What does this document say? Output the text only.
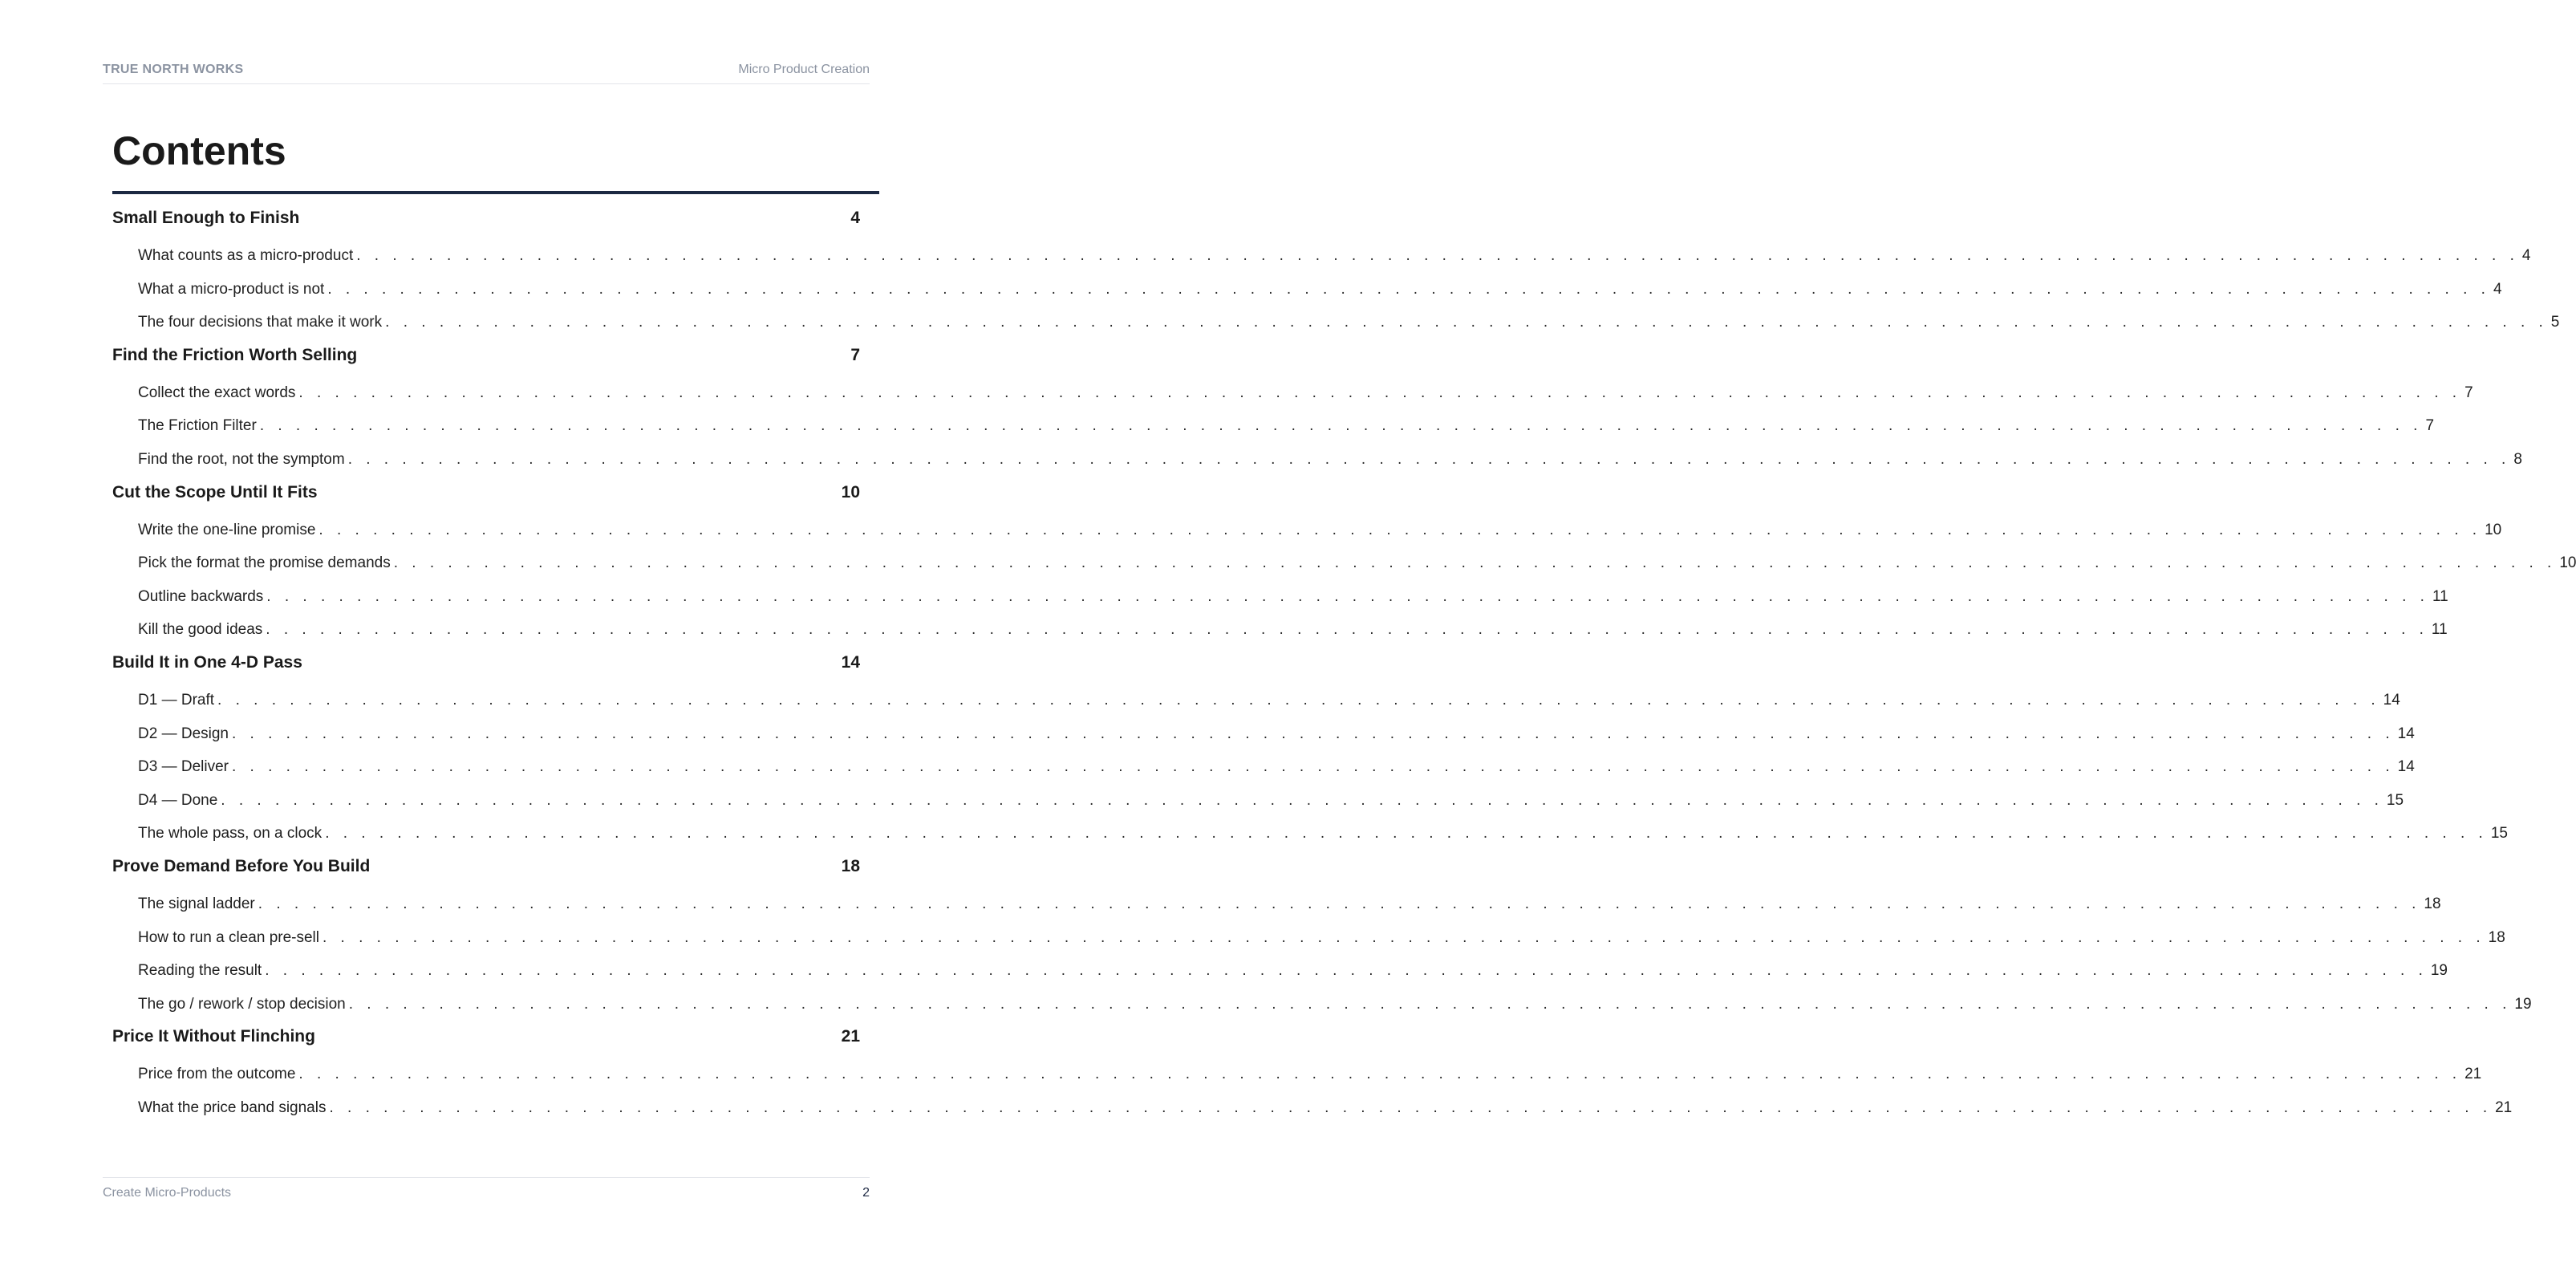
TRUE NORTH WORKS	Micro Product Creation
Contents
Small Enough to Finish	4
What counts as a micro-product . . . . . . . . . . . . . . . . . . . . . . . . . . . . . . . . . . . . . . . . . . . . . . . . . . . . . . . . . . . . . . . . . . . . . . . . . . . . . . . . . . . . . . . . . . . . . . . . . . . . . . . . . . . . . . . . . . . . . . . . 4
What a micro-product is not . . . . . . . . . . . . . . . . . . . . . . . . . . . . . . . . . . . . . . . . . . . . . . . . . . . . . . . . . . . . . . . . . . . . . . . . . . . . . . . . . . . . . . . . . . . . . . . . . . . . . . . . . . . . . . . . . . . . . . . . 4
The four decisions that make it work . . . . . . . . . . . . . . . . . . . . . . . . . . . . . . . . . . . . . . . . . . . . . . . . . . . . . . . . . . . . . . . . . . . . . . . . . . . . . . . . . . . . . . . . . . . . . . . . . . . . . . . . . . . . . . . . . . . . . . . . 5
Find the Friction Worth Selling	7
Collect the exact words . . . . . . . . . . . . . . . . . . . . . . . . . . . . . . . . . . . . . . . . . . . . . . . . . . . . . . . . . . . . . . . . . . . . . . . . . . . . . . . . . . . . . . . . . . . . . . . . . . . . . . . . . . . . . . . . . . . . . . . . 7
The Friction Filter . . . . . . . . . . . . . . . . . . . . . . . . . . . . . . . . . . . . . . . . . . . . . . . . . . . . . . . . . . . . . . . . . . . . . . . . . . . . . . . . . . . . . . . . . . . . . . . . . . . . . . . . . . . . . . . . . . . . . . . . 7
Find the root, not the symptom . . . . . . . . . . . . . . . . . . . . . . . . . . . . . . . . . . . . . . . . . . . . . . . . . . . . . . . . . . . . . . . . . . . . . . . . . . . . . . . . . . . . . . . . . . . . . . . . . . . . . . . . . . . . . . . . . . . . . . . . 8
Cut the Scope Until It Fits	10
Write the one-line promise . . . . . . . . . . . . . . . . . . . . . . . . . . . . . . . . . . . . . . . . . . . . . . . . . . . . . . . . . . . . . . . . . . . . . . . . . . . . . . . . . . . . . . . . . . . . . . . . . . . . . . . . . . . . . . . . . . . . . . . . 10
Pick the format the promise demands . . . . . . . . . . . . . . . . . . . . . . . . . . . . . . . . . . . . . . . . . . . . . . . . . . . . . . . . . . . . . . . . . . . . . . . . . . . . . . . . . . . . . . . . . . . . . . . . . . . . . . . . . . . . . . . . . . . . . . . . 10
Outline backwards . . . . . . . . . . . . . . . . . . . . . . . . . . . . . . . . . . . . . . . . . . . . . . . . . . . . . . . . . . . . . . . . . . . . . . . . . . . . . . . . . . . . . . . . . . . . . . . . . . . . . . . . . . . . . . . . . . . . . . . . 11
Kill the good ideas . . . . . . . . . . . . . . . . . . . . . . . . . . . . . . . . . . . . . . . . . . . . . . . . . . . . . . . . . . . . . . . . . . . . . . . . . . . . . . . . . . . . . . . . . . . . . . . . . . . . . . . . . . . . . . . . . . . . . . . . 11
Build It in One 4-D Pass	14
D1 — Draft . . . . . . . . . . . . . . . . . . . . . . . . . . . . . . . . . . . . . . . . . . . . . . . . . . . . . . . . . . . . . . . . . . . . . . . . . . . . . . . . . . . . . . . . . . . . . . . . . . . . . . . . . . . . . . . . . . . . . . . . 14
D2 — Design . . . . . . . . . . . . . . . . . . . . . . . . . . . . . . . . . . . . . . . . . . . . . . . . . . . . . . . . . . . . . . . . . . . . . . . . . . . . . . . . . . . . . . . . . . . . . . . . . . . . . . . . . . . . . . . . . . . . . . . . 14
D3 — Deliver . . . . . . . . . . . . . . . . . . . . . . . . . . . . . . . . . . . . . . . . . . . . . . . . . . . . . . . . . . . . . . . . . . . . . . . . . . . . . . . . . . . . . . . . . . . . . . . . . . . . . . . . . . . . . . . . . . . . . . . . 14
D4 — Done . . . . . . . . . . . . . . . . . . . . . . . . . . . . . . . . . . . . . . . . . . . . . . . . . . . . . . . . . . . . . . . . . . . . . . . . . . . . . . . . . . . . . . . . . . . . . . . . . . . . . . . . . . . . . . . . . . . . . . . . 15
The whole pass, on a clock . . . . . . . . . . . . . . . . . . . . . . . . . . . . . . . . . . . . . . . . . . . . . . . . . . . . . . . . . . . . . . . . . . . . . . . . . . . . . . . . . . . . . . . . . . . . . . . . . . . . . . . . . . . . . . . . . . . . . . . . 15
Prove Demand Before You Build	18
The signal ladder . . . . . . . . . . . . . . . . . . . . . . . . . . . . . . . . . . . . . . . . . . . . . . . . . . . . . . . . . . . . . . . . . . . . . . . . . . . . . . . . . . . . . . . . . . . . . . . . . . . . . . . . . . . . . . . . . . . . . . . . 18
How to run a clean pre-sell . . . . . . . . . . . . . . . . . . . . . . . . . . . . . . . . . . . . . . . . . . . . . . . . . . . . . . . . . . . . . . . . . . . . . . . . . . . . . . . . . . . . . . . . . . . . . . . . . . . . . . . . . . . . . . . . . . . . . . . . 18
Reading the result . . . . . . . . . . . . . . . . . . . . . . . . . . . . . . . . . . . . . . . . . . . . . . . . . . . . . . . . . . . . . . . . . . . . . . . . . . . . . . . . . . . . . . . . . . . . . . . . . . . . . . . . . . . . . . . . . . . . . . . . 19
The go / rework / stop decision . . . . . . . . . . . . . . . . . . . . . . . . . . . . . . . . . . . . . . . . . . . . . . . . . . . . . . . . . . . . . . . . . . . . . . . . . . . . . . . . . . . . . . . . . . . . . . . . . . . . . . . . . . . . . . . . . . . . . . . . 19
Price It Without Flinching	21
Price from the outcome . . . . . . . . . . . . . . . . . . . . . . . . . . . . . . . . . . . . . . . . . . . . . . . . . . . . . . . . . . . . . . . . . . . . . . . . . . . . . . . . . . . . . . . . . . . . . . . . . . . . . . . . . . . . . . . . . . . . . . . . 21
What the price band signals . . . . . . . . . . . . . . . . . . . . . . . . . . . . . . . . . . . . . . . . . . . . . . . . . . . . . . . . . . . . . . . . . . . . . . . . . . . . . . . . . . . . . . . . . . . . . . . . . . . . . . . . . . . . . . . . . . . . . . . . 21
Create Micro-Products	2
